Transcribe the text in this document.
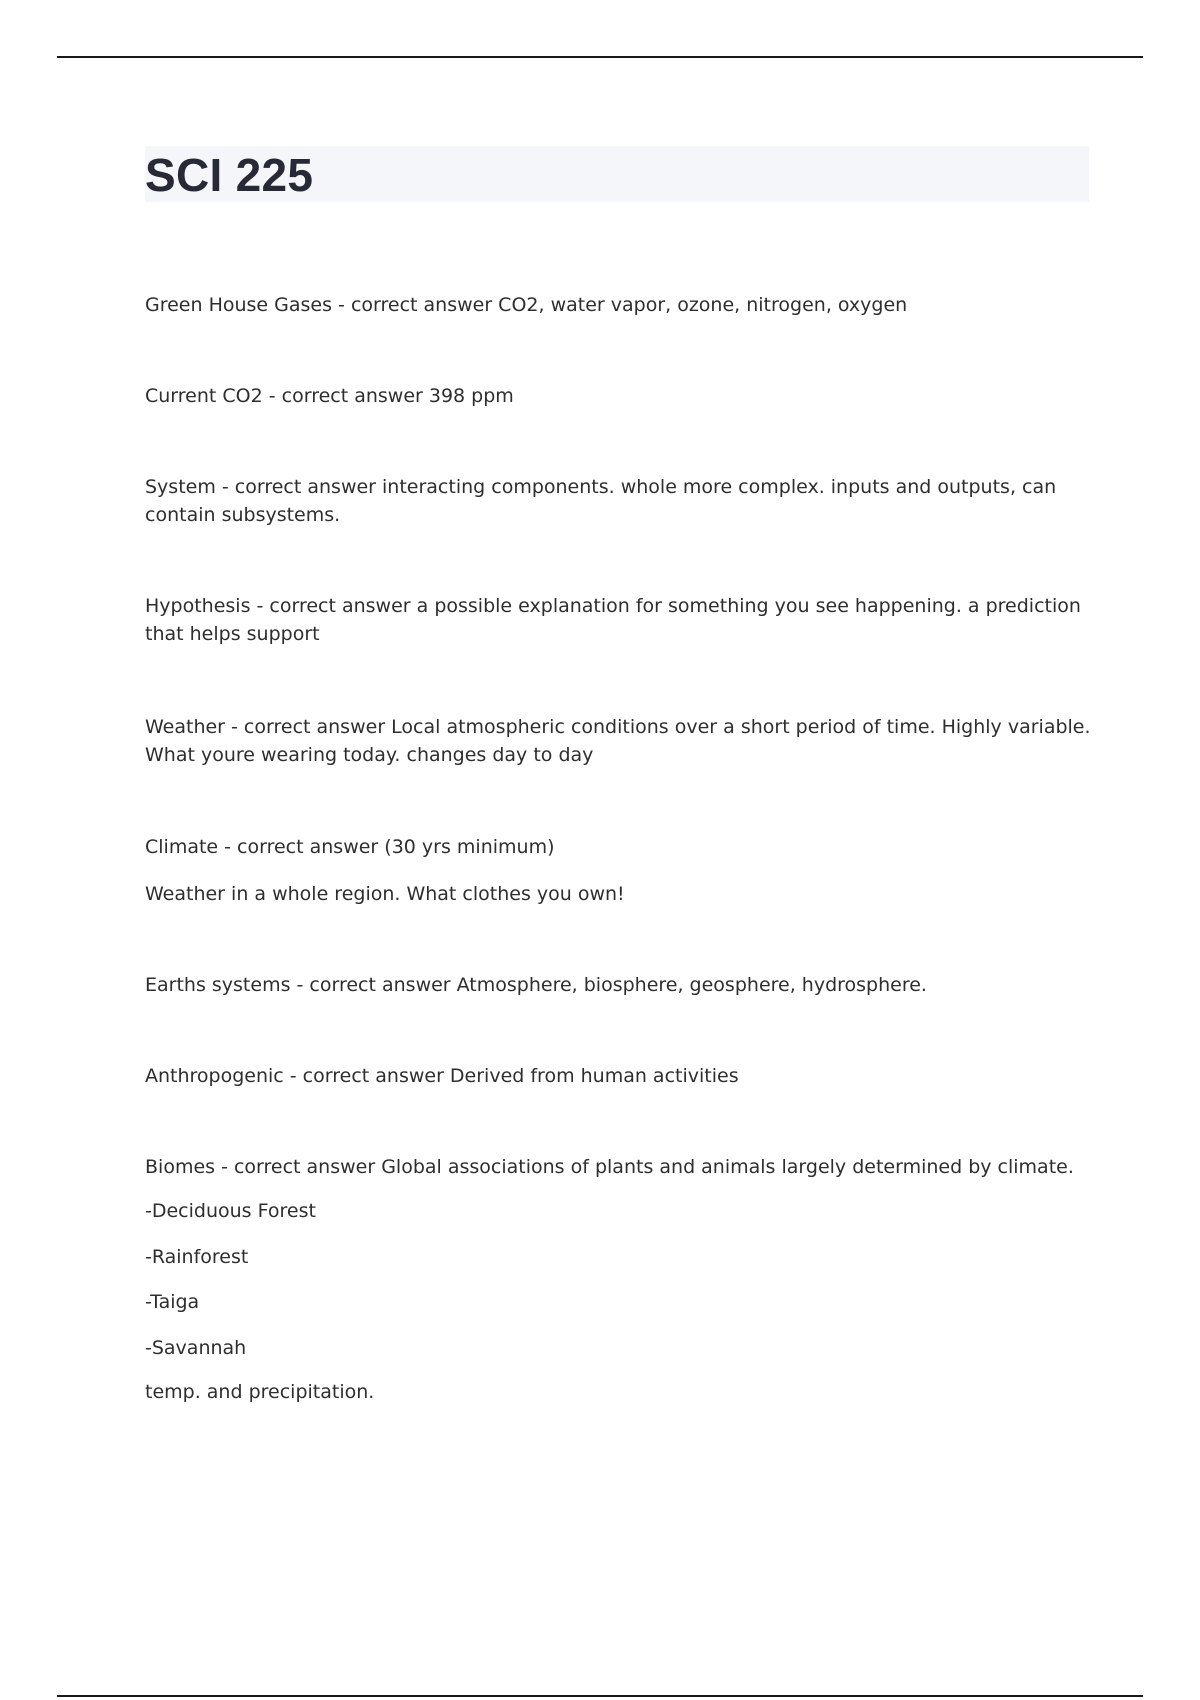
SCI 225

Green House Gases - correct answer CO2, water vapor, ozone, nitrogen, oxygen

Current CO2 - correct answer 398 ppm

System - correct answer interacting components. whole more complex. inputs and outputs, can contain subsystems.

Hypothesis - correct answer a possible explanation for something you see happening. a prediction that helps support

Weather - correct answer Local atmospheric conditions over a short period of time. Highly variable. What youre wearing today. changes day to day

Climate - correct answer (30 yrs minimum)

Weather in a whole region. What clothes you own!

Earths systems - correct answer Atmosphere, biosphere, geosphere, hydrosphere.

Anthropogenic - correct answer Derived from human activities

Biomes - correct answer Global associations of plants and animals largely determined by climate.

-Deciduous Forest

-Rainforest

-Taiga

-Savannah

temp. and precipitation.
